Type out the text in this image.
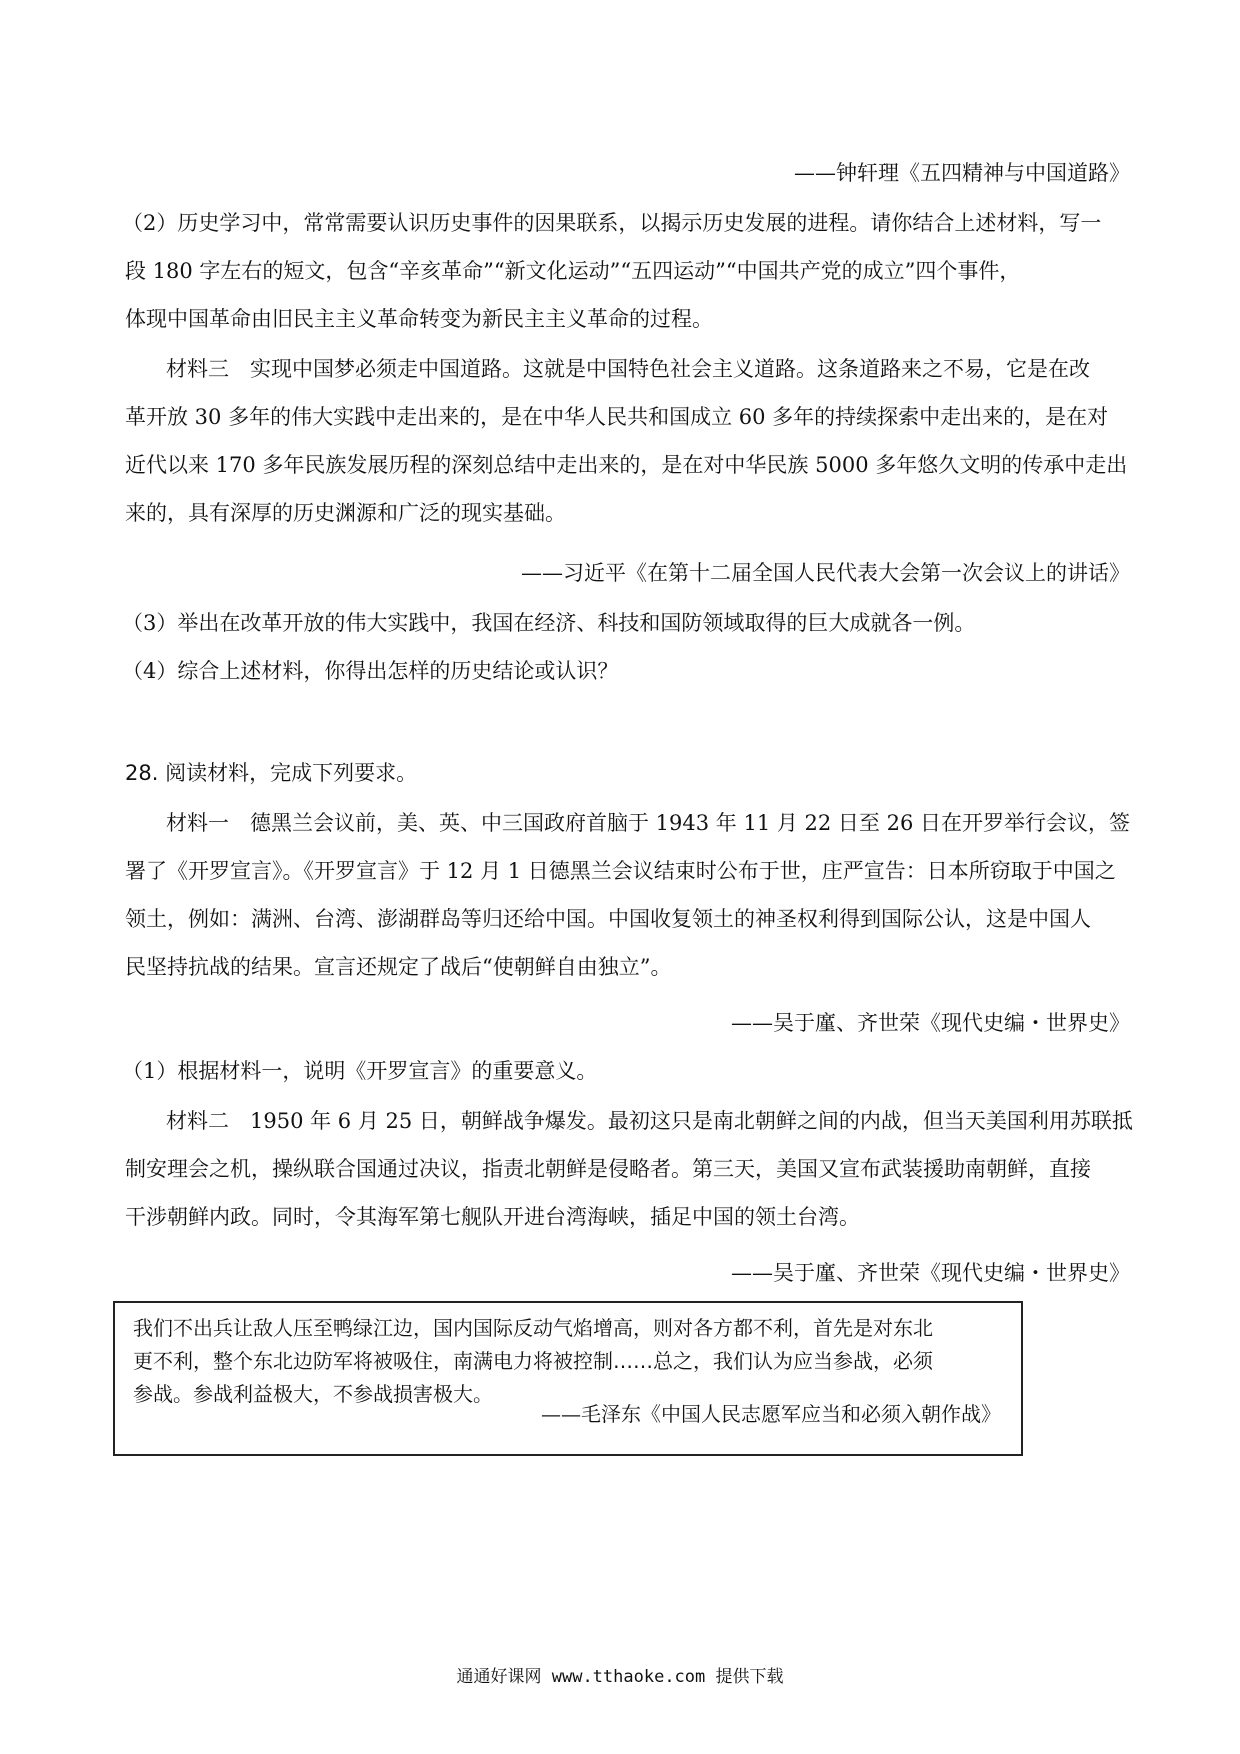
——钟轩理《五四精神与中国道路》
（2）历史学习中，常常需要认识历史事件的因果联系，以揭示历史发展的进程。请你结合上述材料，写一
段 180 字左右的短文，包含“辛亥革命”“新文化运动”“五四运动”“中国共产党的成立”四个事件，
体现中国革命由旧民主主义革命转变为新民主主义革命的过程。
材料三　实现中国梦必须走中国道路。这就是中国特色社会主义道路。这条道路来之不易，它是在改
革开放 30 多年的伟大实践中走出来的，是在中华人民共和国成立 60 多年的持续探索中走出来的，是在对
近代以来 170 多年民族发展历程的深刻总结中走出来的，是在对中华民族 5000 多年悠久文明的传承中走出
来的，具有深厚的历史渊源和广泛的现实基础。
——习近平《在第十二届全国人民代表大会第一次会议上的讲话》
（3）举出在改革开放的伟大实践中，我国在经济、科技和国防领域取得的巨大成就各一例。
（4）综合上述材料，你得出怎样的历史结论或认识？
28. 阅读材料，完成下列要求。
材料一　德黑兰会议前，美、英、中三国政府首脑于 1943 年 11 月 22 日至 26 日在开罗举行会议，签
署了《开罗宣言》。《开罗宣言》于 12 月 1 日德黑兰会议结束时公布于世，庄严宣告：日本所窃取于中国之
领土，例如：满洲、台湾、澎湖群岛等归还给中国。中国收复领土的神圣权利得到国际公认，这是中国人
民坚持抗战的结果。宣言还规定了战后“使朝鲜自由独立”。
——吴于廑、齐世荣《现代史编・世界史》
（1）根据材料一，说明《开罗宣言》的重要意义。
材料二　1950 年 6 月 25 日，朝鲜战争爆发。最初这只是南北朝鲜之间的内战，但当天美国利用苏联抵
制安理会之机，操纵联合国通过决议，指责北朝鲜是侵略者。第三天，美国又宣布武装援助南朝鲜，直接
干涉朝鲜内政。同时，令其海军第七舰队开进台湾海峡，插足中国的领土台湾。
——吴于廑、齐世荣《现代史编・世界史》
我们不出兵让敌人压至鸭绿江边，国内国际反动气焰增高，则对各方都不利，首先是对东北
更不利，整个东北边防军将被吸住，南满电力将被控制……总之，我们认为应当参战，必须
参战。参战利益极大，不参战损害极大。
——毛泽东《中国人民志愿军应当和必须入朝作战》
通通好课网 www.tthaoke.com 提供下载
